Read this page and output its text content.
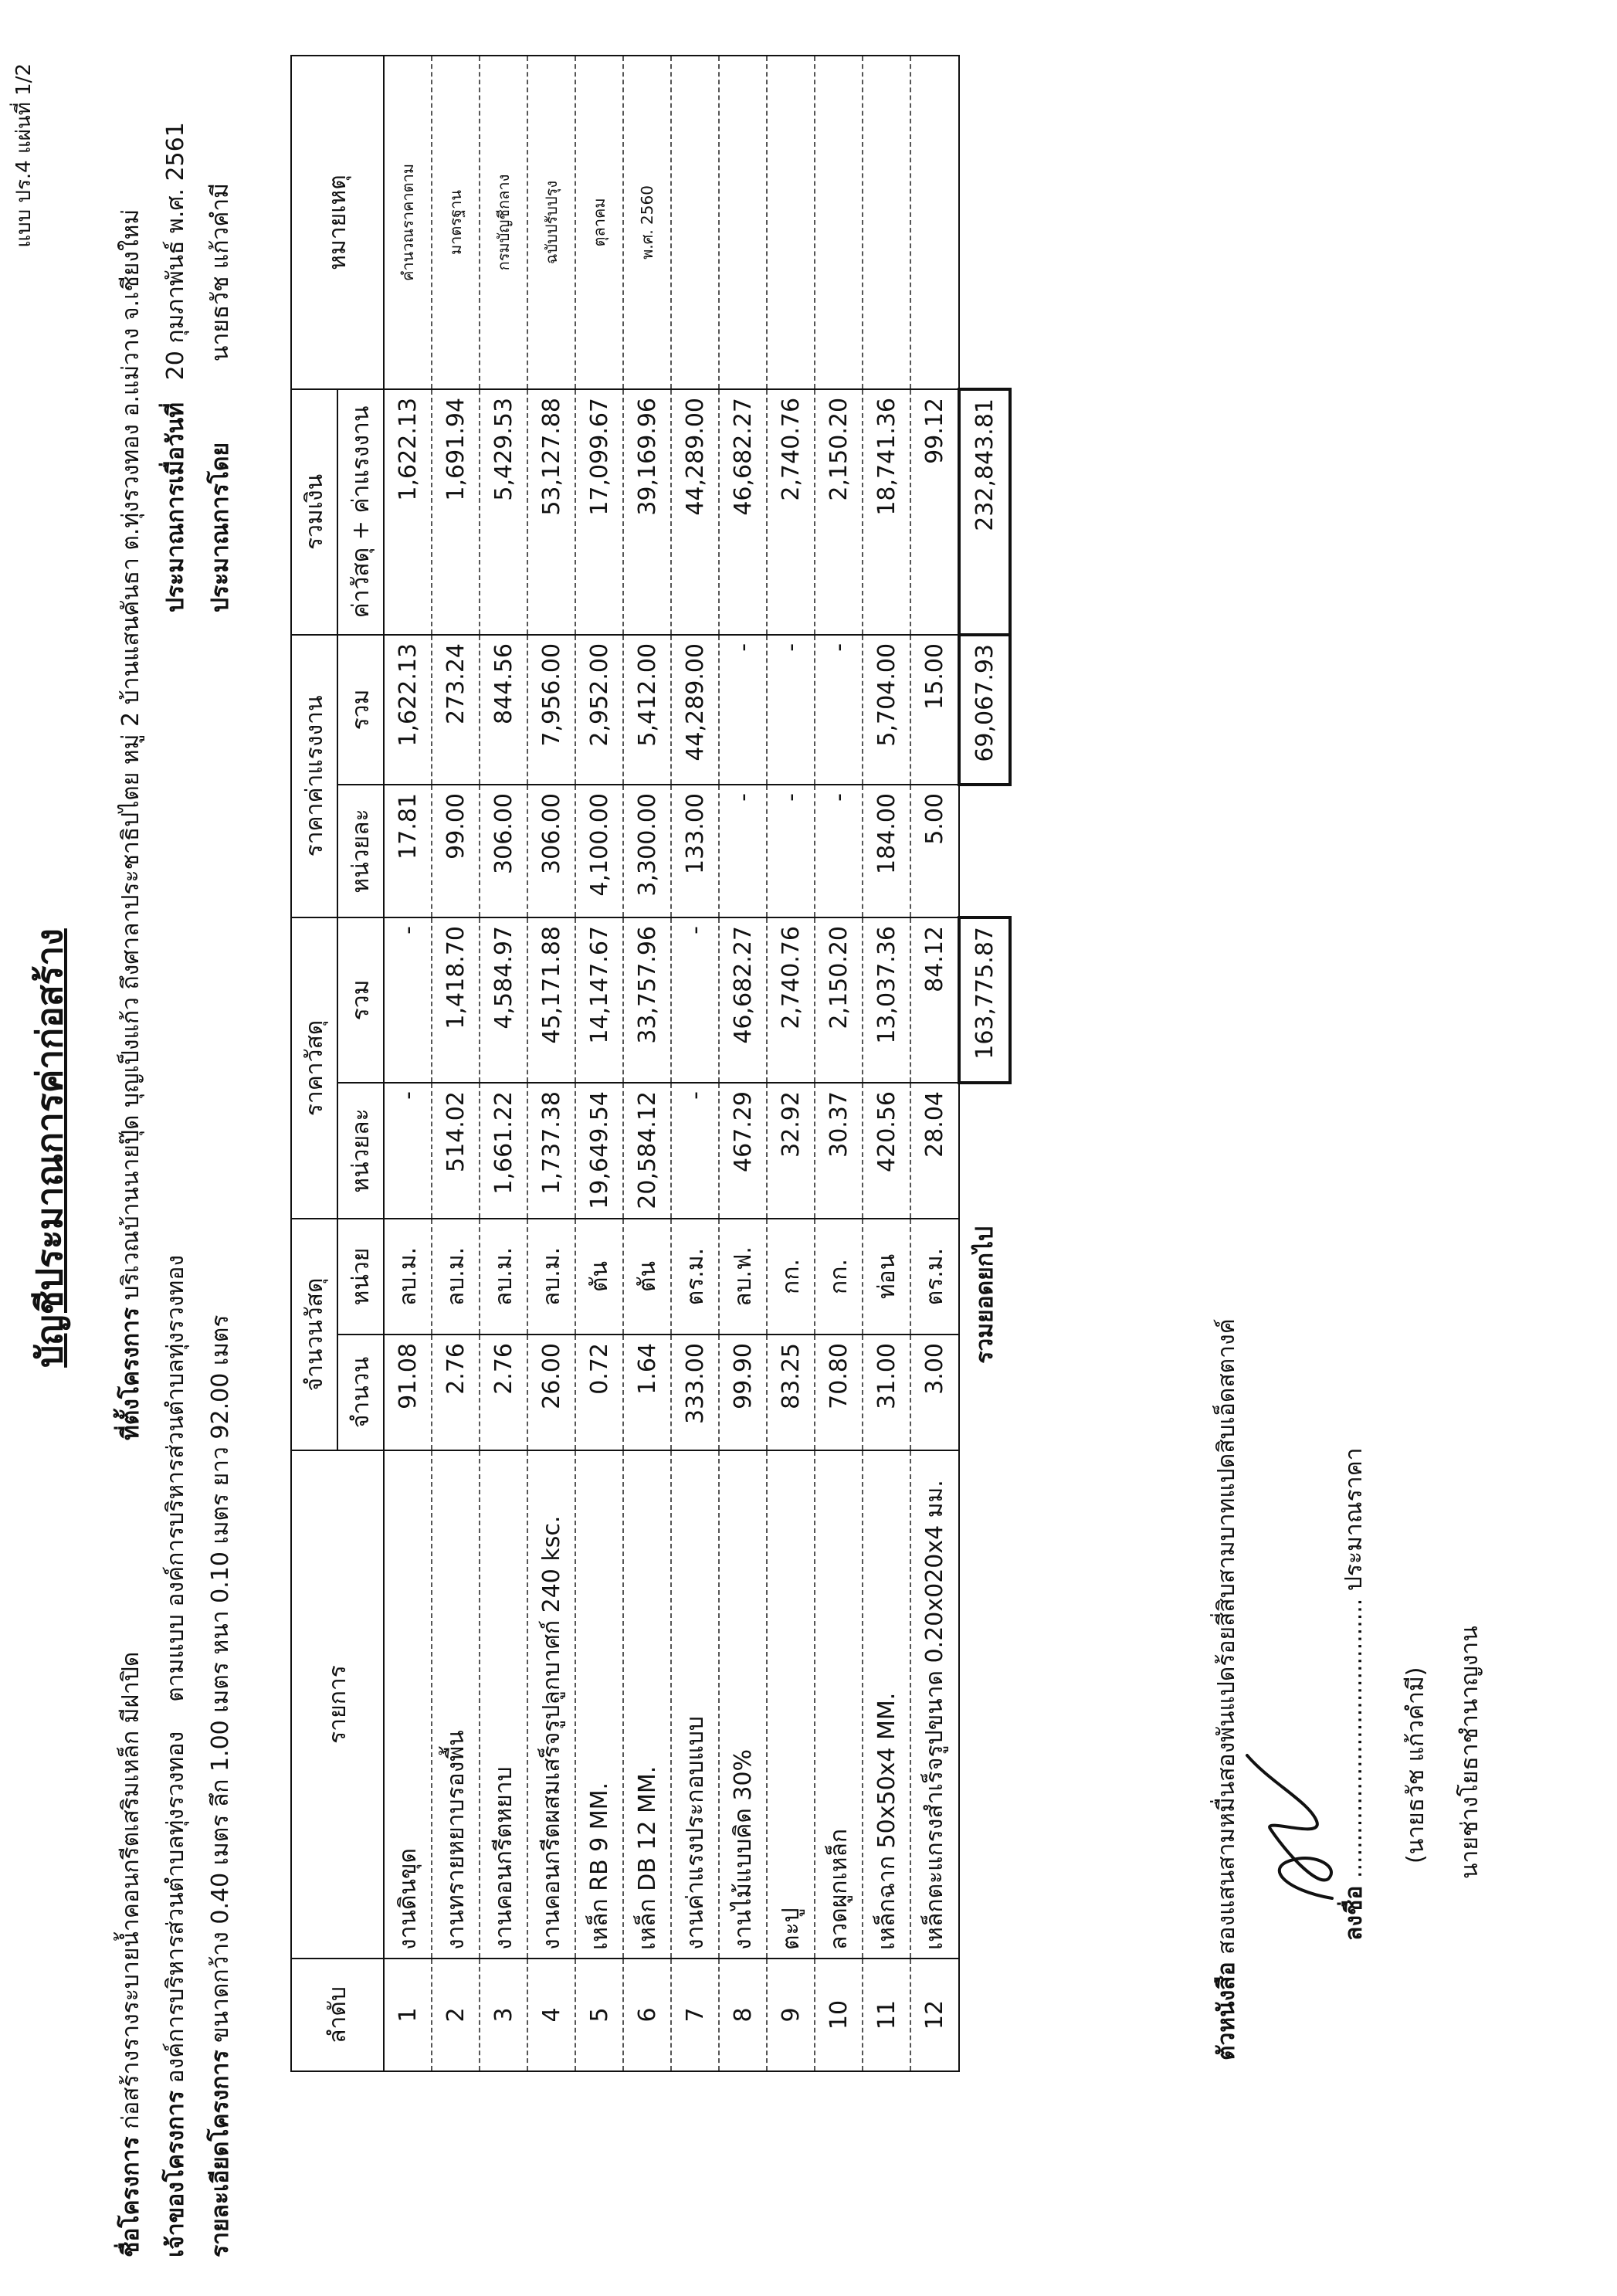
แบบ ปร.4 แผ่นที่ 1/2
บัญชีประมาณการค่าก่อสร้าง
ชื่อโครงการ ก่อสร้างรางระบายน้ำคอนกรีตเสริมเหล็ก มีฝาปิด
ที่ตั้งโครงการ บริเวณบ้านนายปุ๊ด บุญเป็งแก้ว ถึงศาลาประชาธิปไตย หมู่ 2 บ้านแสนคันธา ต.ทุ่งรวงทอง อ.แม่วาง จ.เชียงใหม่
เจ้าของโครงการ องค์การบริหารส่วนตำบลทุ่งรวงทอง    ตามแบบ องค์การบริหารส่วนตำบลทุ่งรวงทอง
ประมาณการเมื่อวันที่   20 กุมภาพันธ์ พ.ศ. 2561
รายละเอียดโครงการ ขนาดกว้าง 0.40 เมตร ลึก 1.00 เมตร หนา 0.10 เมตร ยาว 92.00 เมตร
ประมาณการโดย           นายธวัช แก้วคำมี
ลำดับ	รายการ	จำนวนวัสดุ		ราคาวัสดุ		ราคาค่าแรงงาน		รวมเงิน	หมายเหตุ
		จำนวน	หน่วย	หน่วยละ	รวม	หน่วยละ	รวม	ค่าวัสดุ + ค่าแรงงาน	
1	งานดินขุด	91.08	ลบ.ม.	-	-	17.81	1,622.13	1,622.13	คำนวณราคาตาม
2	งานทรายหยาบรองพื้น	2.76	ลบ.ม.	514.02	1,418.70	99.00	273.24	1,691.94	มาตรฐาน
3	งานคอนกรีตหยาบ	2.76	ลบ.ม.	1,661.22	4,584.97	306.00	844.56	5,429.53	กรมบัญชีกลาง
4	งานคอนกรีตผสมเสร็จรูปลูกบาศก์ 240 ksc.	26.00	ลบ.ม.	1,737.38	45,171.88	306.00	7,956.00	53,127.88	ฉบับปรับปรุง
5	เหล็ก RB 9 MM.	0.72	ตัน	19,649.54	14,147.67	4,100.00	2,952.00	17,099.67	ตุลาคม
6	เหล็ก DB 12 MM.	1.64	ตัน	20,584.12	33,757.96	3,300.00	5,412.00	39,169.96	พ.ศ. 2560
7	งานค่าแรงประกอบแบบ	333.00	ตร.ม.	-	-	133.00	44,289.00	44,289.00	
8	งานไม้แบบคิด 30%	99.90	ลบ.ฟ.	467.29	46,682.27	-	-	46,682.27	
9	ตะปู	83.25	กก.	32.92	2,740.76	-	-	2,740.76	
10	ลวดผูกเหล็ก	70.80	กก.	30.37	2,150.20	-	-	2,150.20	
11	เหล็กฉาก 50x50x4 MM.	31.00	ท่อน	420.56	13,037.36	184.00	5,704.00	18,741.36	
12	เหล็กตะแกรงสำเร็จรูปขนาด 0.20x020x4 มม.	3.00	ตร.ม.	28.04	84.12	5.00	15.00	99.12	
รวมยอดยกไป					163,775.87		69,067.93	232,843.81	
ตัวหนังสือ สองแสนสามหมื่นสองพันแปดร้อยสี่สิบสามบาทแปดสิบเอ็ดสตางค์	ลงชื่อ ...................................... ประมาณราคา
(นายธวัช แก้วคำมี) นายช่างโยธาชำนาญงาน
